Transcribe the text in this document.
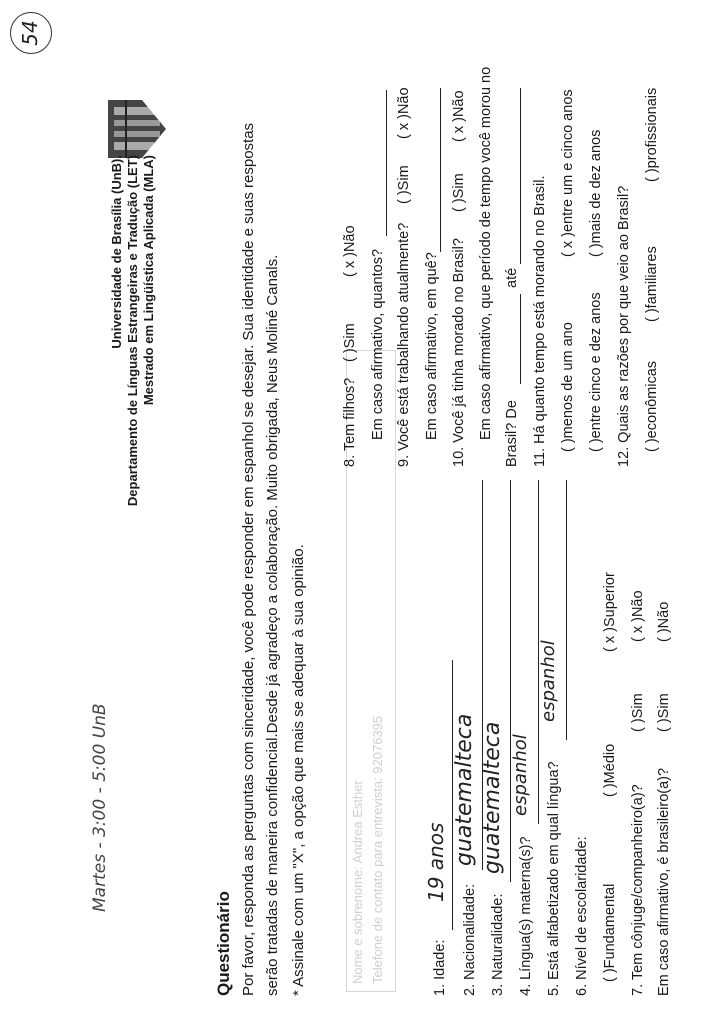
54
Martes - 3:00 - 5:00 UnB
Universidade de Brasília (UnB). Departamento de Línguas Estrangeiras e Tradução (LET) Mestrado em Lingüística Aplicada (MLA)
Questionário Por favor, responda as perguntas com sinceridade, você pode responder em espanhol se desejar. Sua identidade e suas respostas serão tratadas de maneira confidencial.Desde já agradeço a colaboração. Muito obrigada, Neus Moliné Canals. * Assinale com um "X", a opção que mais se adequar à sua opinião.	Nome e sobrenome: Andrea Esther Telefone de contato para entrevista: 92076395	1. Idade:
19 anos
2. Nacionalidade:
guatemalteca
3. Naturalidade:
guatemalteca
4. Língua(s) materna(s)?
espanhol 5. Está alfabetizado em qual língua?
espanhol
6. Nível de escolaridade: ( )Fundamental
( )Médio
( x )Superior
7. Tem cônjuge/companheiro(a)?
( )Sim
( x )Não
Em caso afirmativo, é brasileiro(a)?
( )Sim
( )Não
8. Tem filhos?
( )Sim
( x )Não Em caso afirmativo, quantos? 9. Você está trabalhando atualmente?
( )Sim
( x )Não
Em caso afirmativo, em quê? 10. Você já tinha morado no Brasil?
( )Sim
( x )Não Em caso afirmativo, que período de tempo você morou no Brasil? De
até 11. Há quanto tempo está morando no Brasil. ( )menos de um ano
( x )entre um e cinco anos
( )entre cinco e dez anos
( )mais de dez anos 12. Quais as razões por que veio ao Brasil? ( )econômicas
( )familiares
( )profissionais
